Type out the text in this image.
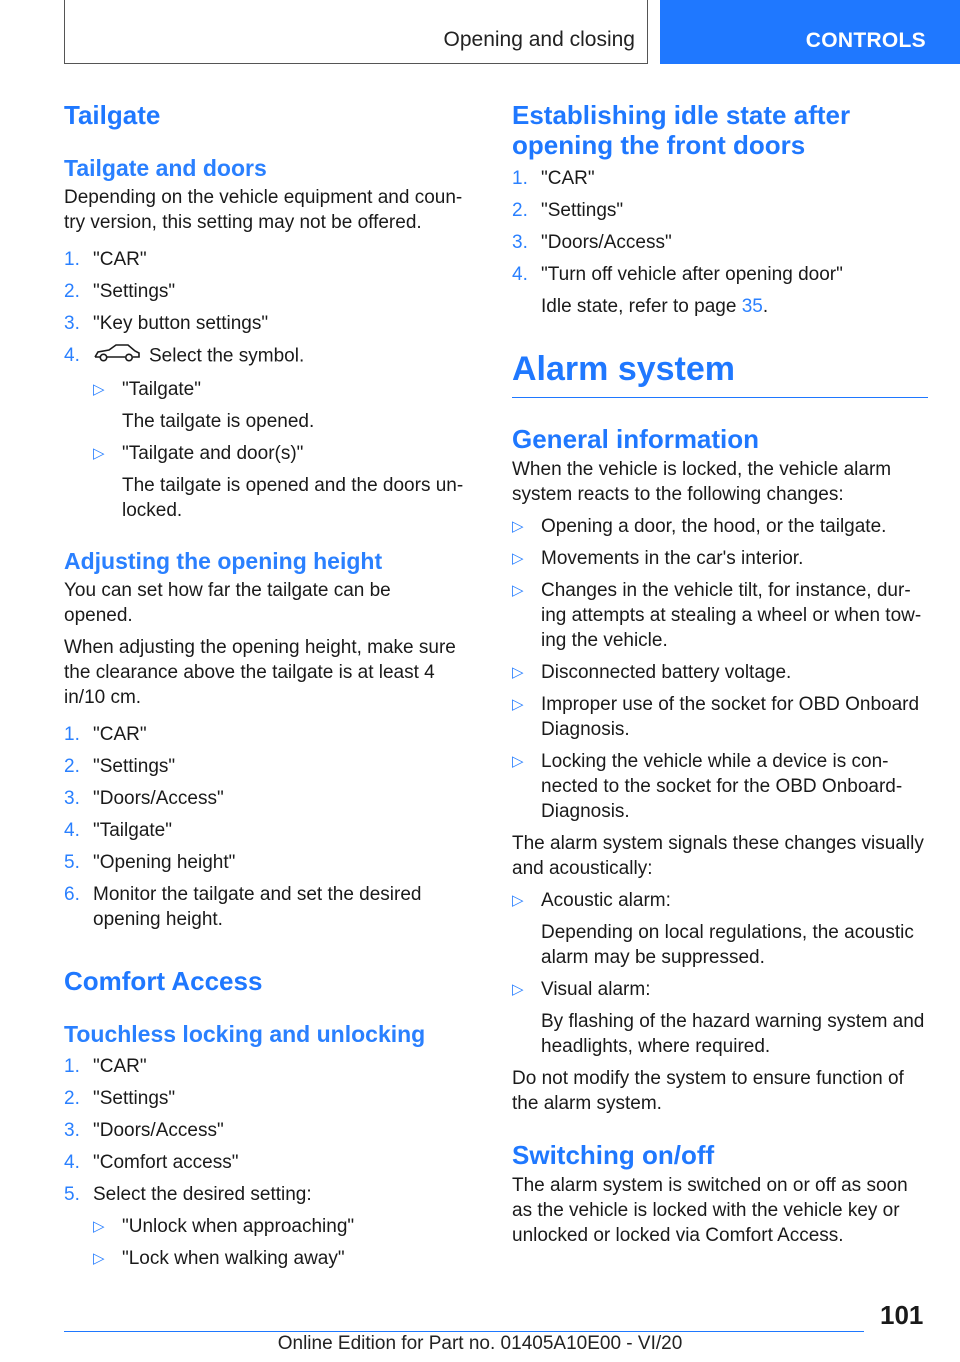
Opening and closing	CONTROLS
Tailgate
Tailgate and doors

Depending on the vehicle equipment and country version, this setting may not be offered.

1. "CAR"
2. "Settings"
3. "Key button settings"
4.	Select the symbol.
▷ "Tailgate"
The tailgate is opened.
▷ "Tailgate and door(s)"
The tailgate is opened and the doors unlocked.
Adjusting the opening height

You can set how far the tailgate can be opened.

When adjusting the opening height, make sure the clearance above the tailgate is at least 4 in/10 cm.

1. "CAR"
2. "Settings"
3. "Doors/Access"
4. "Tailgate"
5. "Opening height"
6. Monitor the tailgate and set the desired opening height.
Comfort Access
Touchless locking and unlocking
1. "CAR"
2. "Settings"
3. "Doors/Access"
4. "Comfort access"
5. Select the desired setting:
▷ "Unlock when approaching"
▷ "Lock when walking away"
Establishing idle state after opening the front doors
1. "CAR"
2. "Settings"
3. "Doors/Access"
4. "Turn off vehicle after opening door"

Idle state, refer to page 35.

Alarm system
General information

When the vehicle is locked, the vehicle alarm system reacts to the following changes:

▷ Opening a door, the hood, or the tailgate.
▷ Movements in the car's interior.
▷ Changes in the vehicle tilt, for instance, during attempts at stealing a wheel or when towing the vehicle.
▷ Disconnected battery voltage.
▷ Improper use of the socket for OBD Onboard Diagnosis.
▷ Locking the vehicle while a device is connected to the socket for the OBD Onboard-Diagnosis.

The alarm system signals these changes visually and acoustically:

▷ Acoustic alarm:
Depending on local regulations, the acoustic alarm may be suppressed.
▷ Visual alarm:
By flashing of the hazard warning system and headlights, where required.

Do not modify the system to ensure function of the alarm system.

Switching on/off

The alarm system is switched on or off as soon as the vehicle is locked with the vehicle key or unlocked or locked via Comfort Access.

101
Online Edition for Part no. 01405A10E00 - VI/20
